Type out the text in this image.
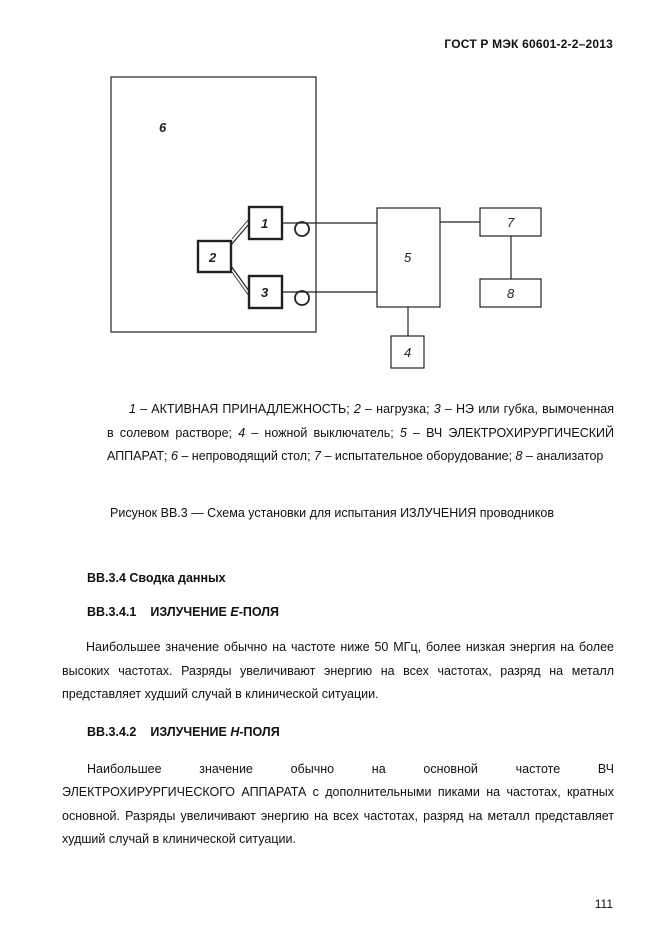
ГОСТ Р МЭК 60601-2-2–2013
6
1
2
3
5
4
7
8
1 – АКТИВНАЯ ПРИНАДЛЕЖНОСТЬ; 2 – нагрузка; 3 – НЭ или губка, вымоченная в солевом растворе; 4 – ножной выключатель; 5 – ВЧ ЭЛЕКТРОХИРУРГИЧЕСКИЙ АППАРАТ; 6 – непроводящий стол; 7 – испытательное оборудование; 8 – анализатор
Рисунок ВВ.3 — Схема установки для испытания ИЗЛУЧЕНИЯ проводников
ВВ.3.4 Сводка данных
ВВ.3.4.1 ИЗЛУЧЕНИЕ E-ПОЛЯ
Наибольшее значение обычно на частоте ниже 50 МГц, более низкая энергия на более высоких частотах. Разряды увеличивают энергию на всех частотах, разряд на металл представляет худший случай в клинической ситуации.
ВВ.3.4.2 ИЗЛУЧЕНИЕ H-ПОЛЯ
Наибольшее значение обычно на основной частоте ВЧ
ЭЛЕКТРОХИРУРГИЧЕСКОГО АППАРАТА с дополнительными пиками на частотах, кратных основной. Разряды увеличивают энергию на всех частотах, разряд на металл представляет худший случай в клинической ситуации.
111
